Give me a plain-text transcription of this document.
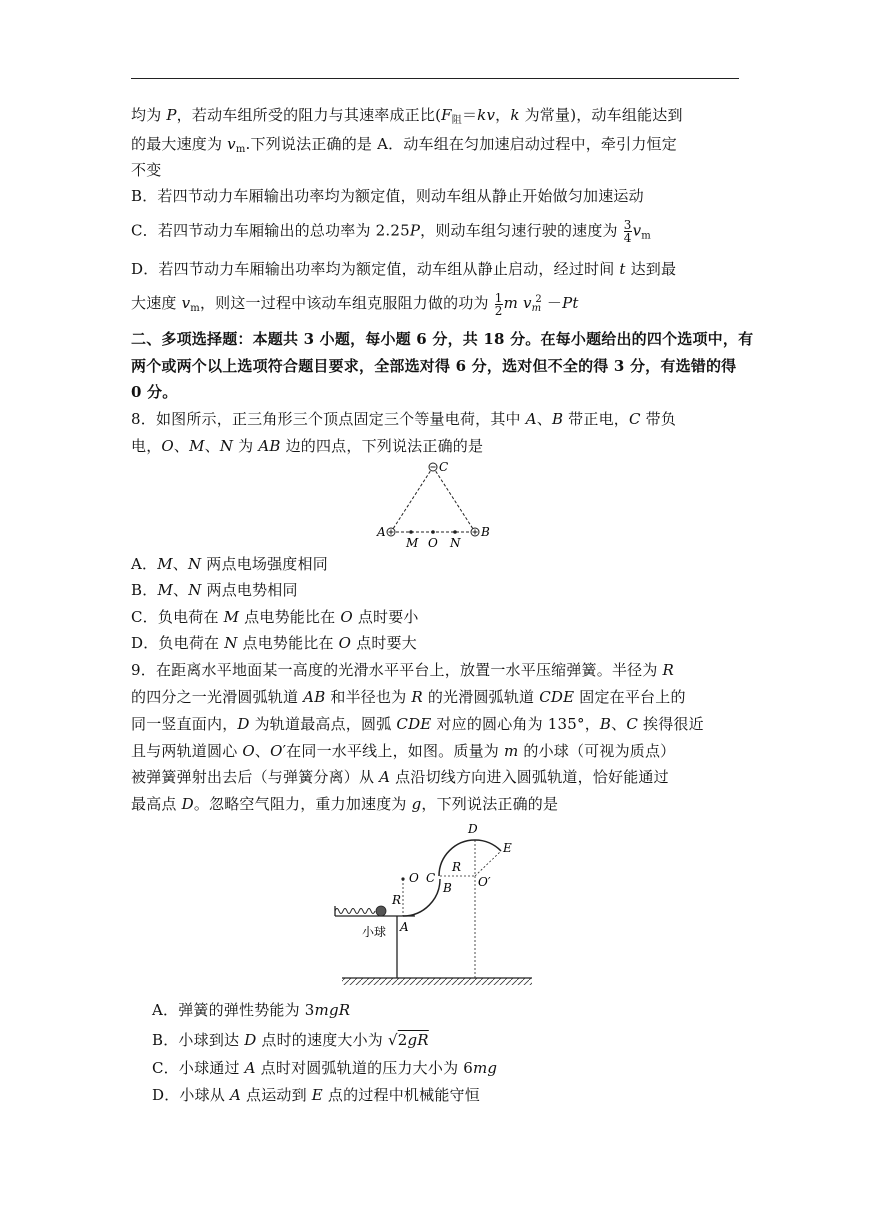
均为 P，若动车组所受的阻力与其速率成正比($F_阻=kv$，k 为常量)，动车组能达到
的最大速度为 $v_m$.下列说法正确的是 A．动车组在匀加速启动过程中，牵引力恒定
不变
B．若四节动力车厢输出功率均为额定值，则动车组从静止开始做匀加速运动
C．若四节动力车厢输出的总功率为 2.25P，则动车组匀速行驶的速度为 $\frac{3}{4} v_m$
D．若四节动力车厢输出功率均为额定值，动车组从静止启动，经过时间 t 达到最
大速度 $v_m$，则这一过程中该动车组克服阻力做的功为 $\frac{1}{2}$ m $v_m^2 -Pt$
二、多项选择题：本题共 3 小题，每小题 6 分，共 18 分。在每小题给出的四个选项中，有
两个或两个以上选项符合题目要求，全部选对得 6 分，选对但不全的得 3 分，有选错的得
0 分。
8．如图所示，正三角形三个顶点固定三个等量电荷，其中 A、B 带正电，C 带负
电，O、M、N 为 AB 边的四点，下列说法正确的是
C
A	B
M O N
A．M、N 两点电场强度相同
B．M、N 两点电势相同
C．负电荷在 M 点电势能比在 O 点时要小
D．负电荷在 N 点电势能比在 O 点时要大
9．在距离水平地面某一高度的光滑水平平台上，放置一水平压缩弹簧。半径为 R
的四分之一光滑圆弧轨道 AB 和半径也为 R 的光滑圆弧轨道 CDE 固定在平台上的
同一竖直面内，D 为轨道最高点，圆弧 CDE 对应的圆心角为 135°，B、C 挨得很近
且与两轨道圆心 O、O′在同一水平线上，如图。质量为 m 的小球（可视为质点）
被弹簧弹射出去后（与弹簧分离）从 A 点沿切线方向进入圆弧轨道，恰好能通过
最高点 D。忽略空气阻力，重力加速度为 g，下列说法正确的是
D
E
O C
R
B O′
R
A
小球
A．弹簧的弹性势能为 3mgR
B．小球到达 D 点时的速度大小为 √2gR
C．小球通过 A 点时对圆弧轨道的压力大小为 6mg
D．小球从 A 点运动到 E 点的过程中机械能守恒
